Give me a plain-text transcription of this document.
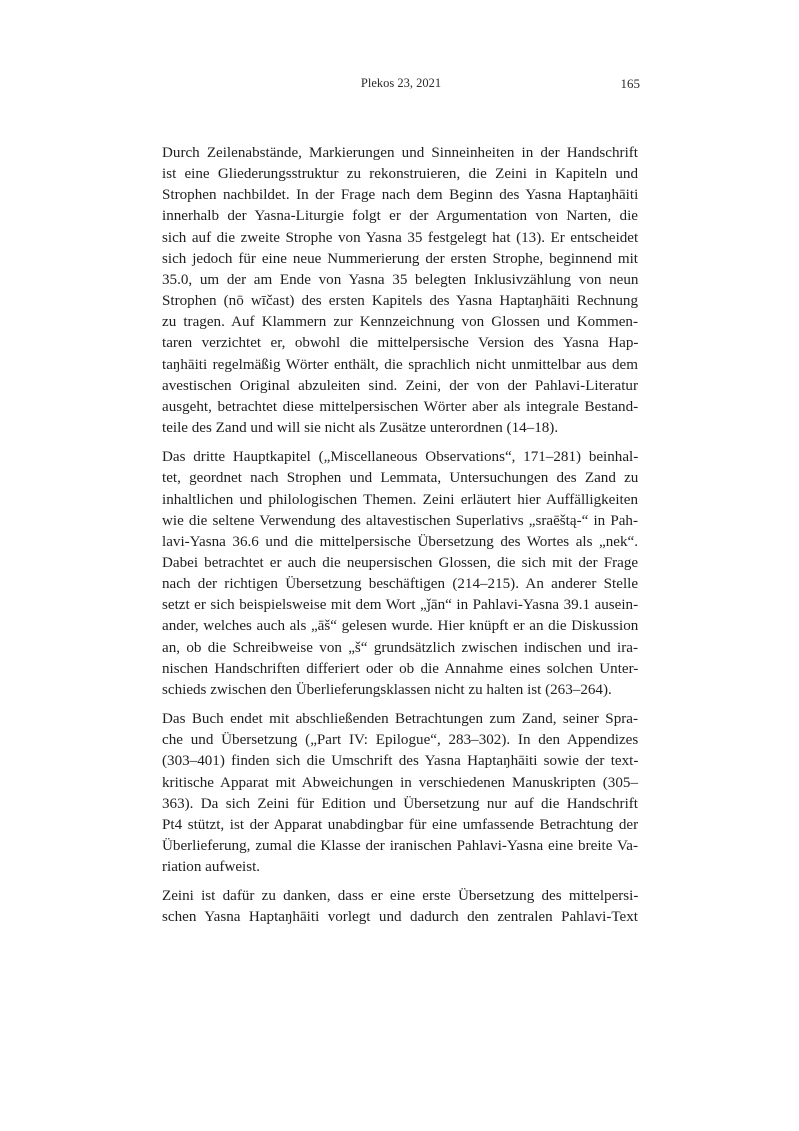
Plekos 23, 2021	165

Durch Zeilenabstände, Markierungen und Sinneinheiten in der Handschrift
ist eine Gliederungsstruktur zu rekonstruieren, die Zeini in Kapiteln und
Strophen nachbildet. In der Frage nach dem Beginn des Yasna Haptaŋhāiti
innerhalb der Yasna-Liturgie folgt er der Argumentation von Narten, die
sich auf die zweite Strophe von Yasna 35 festgelegt hat (13). Er entscheidet
sich jedoch für eine neue Nummerierung der ersten Strophe, beginnend mit
35.0, um der am Ende von Yasna 35 belegten Inklusivzählung von neun
Strophen (nō wīčast) des ersten Kapitels des Yasna Haptaŋhāiti Rechnung
zu tragen. Auf Klammern zur Kennzeichnung von Glossen und Kommen-
taren verzichtet er, obwohl die mittelpersische Version des Yasna Hap-
taŋhāiti regelmäßig Wörter enthält, die sprachlich nicht unmittelbar aus dem
avestischen Original abzuleiten sind. Zeini, der von der Pahlavi-Literatur
ausgeht, betrachtet diese mittelpersischen Wörter aber als integrale Bestand-
teile des Zand und will sie nicht als Zusätze unterordnen (14–18).

Das dritte Hauptkapitel („Miscellaneous Observations“, 171–281) beinhal-
tet, geordnet nach Strophen und Lemmata, Untersuchungen des Zand zu
inhaltlichen und philologischen Themen. Zeini erläutert hier Auffälligkeiten
wie die seltene Verwendung des altavestischen Superlativs „sraēštą-“ in Pah-
lavi-Yasna 36.6 und die mittelpersische Übersetzung des Wortes als „nek“.
Dabei betrachtet er auch die neupersischen Glossen, die sich mit der Frage
nach der richtigen Übersetzung beschäftigen (214–215). An anderer Stelle
setzt er sich beispielsweise mit dem Wort „ǰān“ in Pahlavi-Yasna 39.1 ausein-
ander, welches auch als „āš“ gelesen wurde. Hier knüpft er an die Diskussion
an, ob die Schreibweise von „š“ grundsätzlich zwischen indischen und ira-
nischen Handschriften differiert oder ob die Annahme eines solchen Unter-
schieds zwischen den Überlieferungsklassen nicht zu halten ist (263–264).

Das Buch endet mit abschließenden Betrachtungen zum Zand, seiner Spra-
che und Übersetzung („Part IV: Epilogue“, 283–302). In den Appendizes
(303–401) finden sich die Umschrift des Yasna Haptaŋhāiti sowie der text-
kritische Apparat mit Abweichungen in verschiedenen Manuskripten (305–
363). Da sich Zeini für Edition und Übersetzung nur auf die Handschrift
Pt4 stützt, ist der Apparat unabdingbar für eine umfassende Betrachtung der
Überlieferung, zumal die Klasse der iranischen Pahlavi-Yasna eine breite Va-
riation aufweist.

Zeini ist dafür zu danken, dass er eine erste Übersetzung des mittelpersi-
schen Yasna Haptaŋhāiti vorlegt und dadurch den zentralen Pahlavi-Text
